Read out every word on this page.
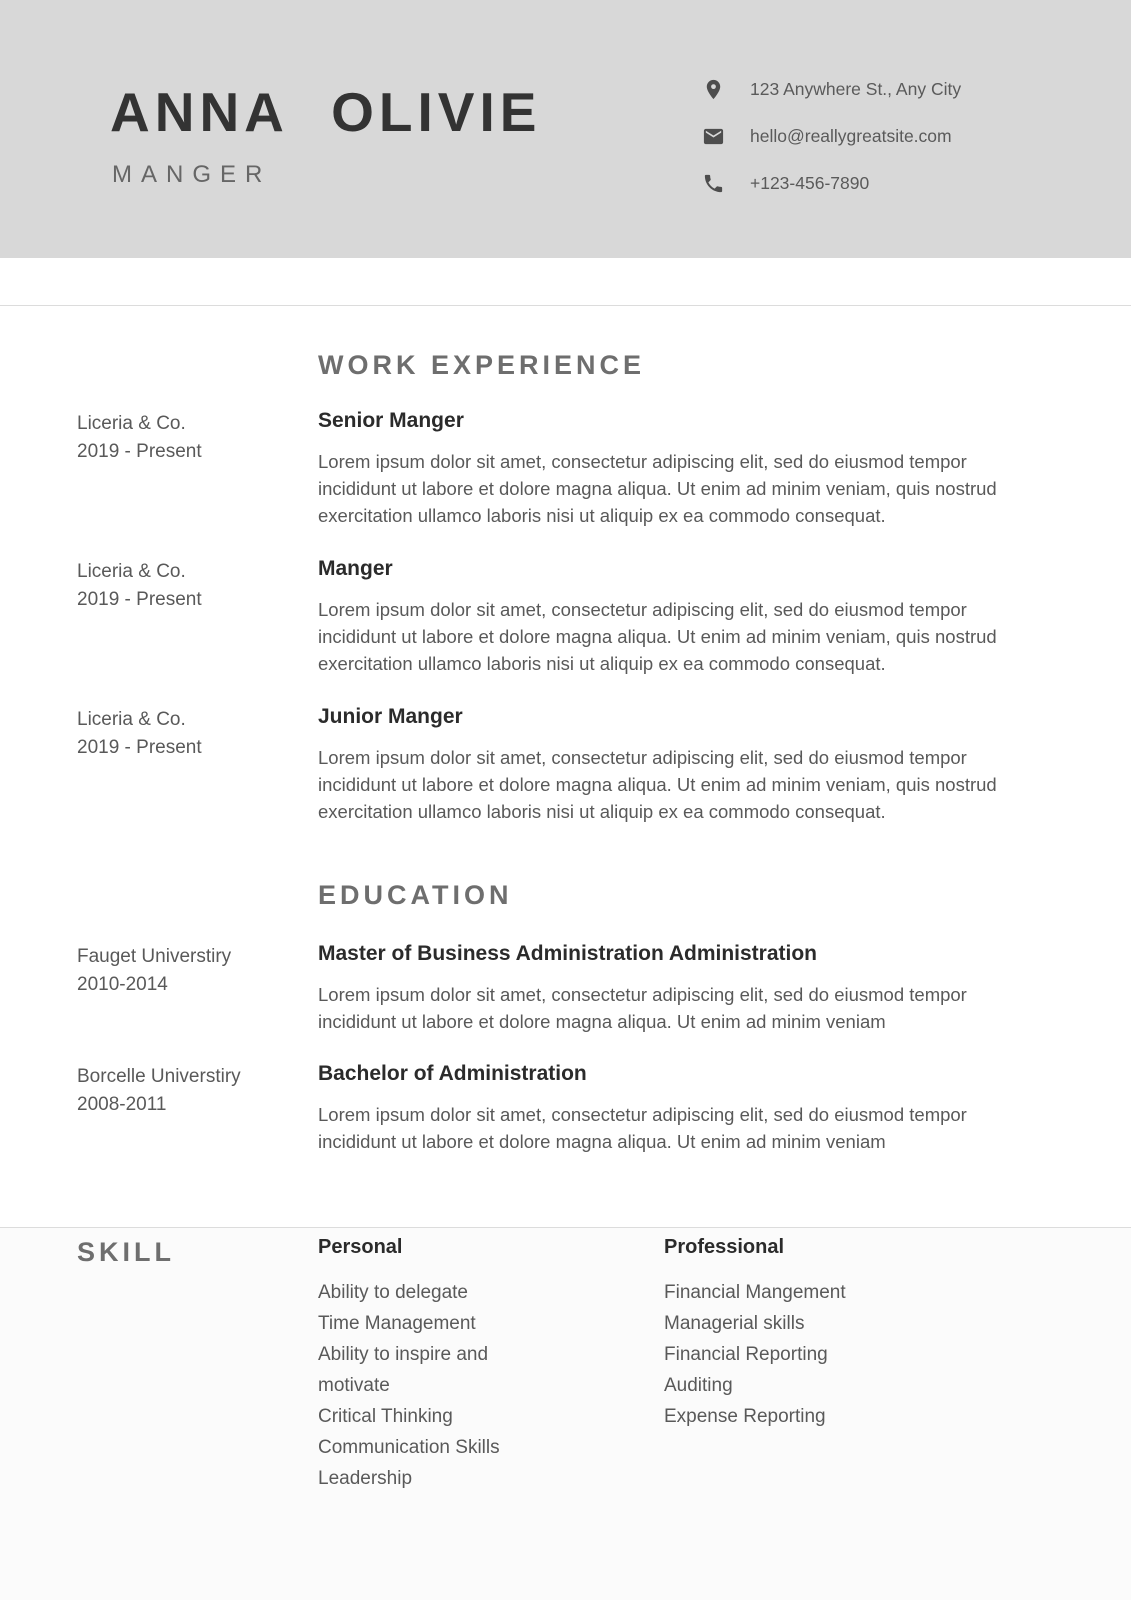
ANNA OLIVIE
MANGER
123 Anywhere St., Any City
hello@reallygreatsite.com
+123-456-7890
WORK EXPERIENCE
Liceria & Co.
2019 - Present
Senior Manger
Lorem ipsum dolor sit amet, consectetur adipiscing elit, sed do eiusmod tempor incididunt ut labore et dolore magna aliqua. Ut enim ad minim veniam, quis nostrud exercitation ullamco laboris nisi ut aliquip ex ea commodo consequat.
Liceria & Co.
2019 - Present
Manger
Lorem ipsum dolor sit amet, consectetur adipiscing elit, sed do eiusmod tempor incididunt ut labore et dolore magna aliqua. Ut enim ad minim veniam, quis nostrud exercitation ullamco laboris nisi ut aliquip ex ea commodo consequat.
Liceria & Co.
2019 - Present
Junior Manger
Lorem ipsum dolor sit amet, consectetur adipiscing elit, sed do eiusmod tempor incididunt ut labore et dolore magna aliqua. Ut enim ad minim veniam, quis nostrud exercitation ullamco laboris nisi ut aliquip ex ea commodo consequat.
EDUCATION
Fauget Universtiry
2010-2014
Master of Business Administration Administration
Lorem ipsum dolor sit amet, consectetur adipiscing elit, sed do eiusmod tempor incididunt ut labore et dolore magna aliqua. Ut enim ad minim veniam
Borcelle Universtiry
2008-2011
Bachelor of Administration
Lorem ipsum dolor sit amet, consectetur adipiscing elit, sed do eiusmod tempor incididunt ut labore et dolore magna aliqua. Ut enim ad minim veniam
SKILL	Personal
Ability to delegate
Time Management
Ability to inspire and motivate
Critical Thinking
Communication Skills
Leadership
Professional
Financial Mangement
Managerial skills
Financial Reporting
Auditing
Expense Reporting
